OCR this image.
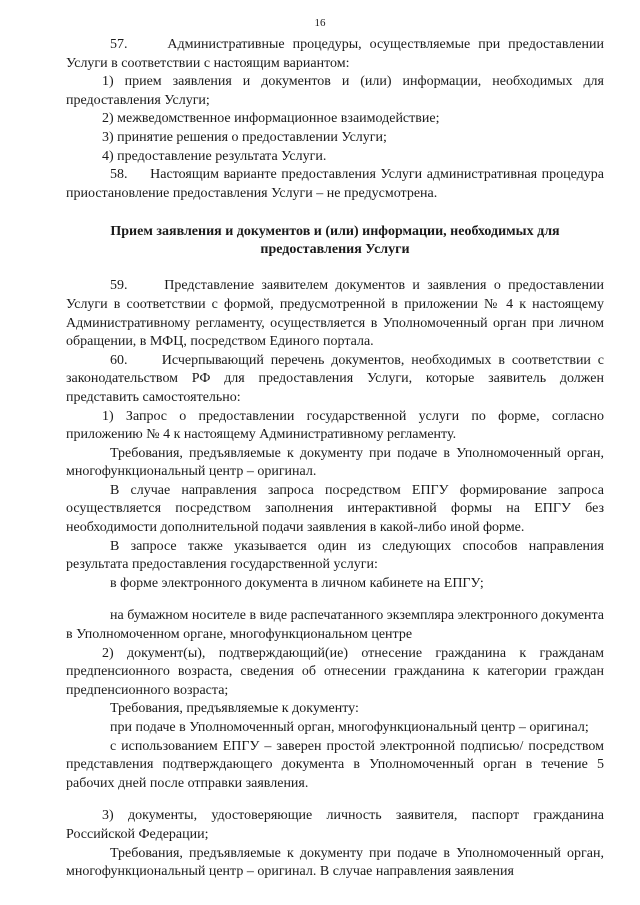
16

57.     Административные процедуры, осуществляемые при предоставлении Услуги в соответствии с настоящим вариантом:

1) прием заявления и документов и (или) информации, необходимых для предоставления Услуги;

2) межведомственное информационное взаимодействие;

3) принятие решения о предоставлении Услуги;

4) предоставление результата Услуги.

58.     Настоящим варианте предоставления Услуги административная процедура приостановление предоставления Услуги – не предусмотрена.

Прием заявления и документов и (или) информации, необходимых для предоставления Услуги

59.     Представление заявителем документов и заявления о предоставлении Услуги в соответствии с формой, предусмотренной в приложении № 4 к настоящему Административному регламенту, осуществляется в Уполномоченный орган при личном обращении, в МФЦ, посредством Единого портала.

60.     Исчерпывающий перечень документов, необходимых в соответствии с законодательством РФ для предоставления Услуги, которые заявитель должен представить самостоятельно:

1) Запрос о предоставлении государственной услуги по форме, согласно приложению № 4 к настоящему Административному регламенту.

Требования, предъявляемые к документу при подаче в Уполномоченный орган, многофункциональный центр – оригинал.

В случае направления запроса посредством ЕПГУ формирование запроса осуществляется посредством заполнения интерактивной формы на ЕПГУ без необходимости дополнительной подачи заявления в какой-либо иной форме.

В запросе также указывается один из следующих способов направления результата предоставления государственной услуги:

в форме электронного документа в личном кабинете на ЕПГУ;

на бумажном носителе в виде распечатанного экземпляра электронного документа в Уполномоченном органе, многофункциональном центре

2) документ(ы), подтверждающий(ие) отнесение гражданина к гражданам предпенсионного возраста, сведения об отнесении гражданина к категории граждан предпенсионного возраста;

Требования, предъявляемые к документу:

при подаче в Уполномоченный орган, многофункциональный центр – оригинал;

с использованием ЕПГУ – заверен простой электронной подписью/ посредством представления подтверждающего документа в Уполномоченный орган в течение 5 рабочих дней после отправки заявления.

3) документы, удостоверяющие личность заявителя, паспорт гражданина Российской Федерации;

Требования, предъявляемые к документу при подаче в Уполномоченный орган, многофункциональный центр – оригинал. В случае направления заявления
